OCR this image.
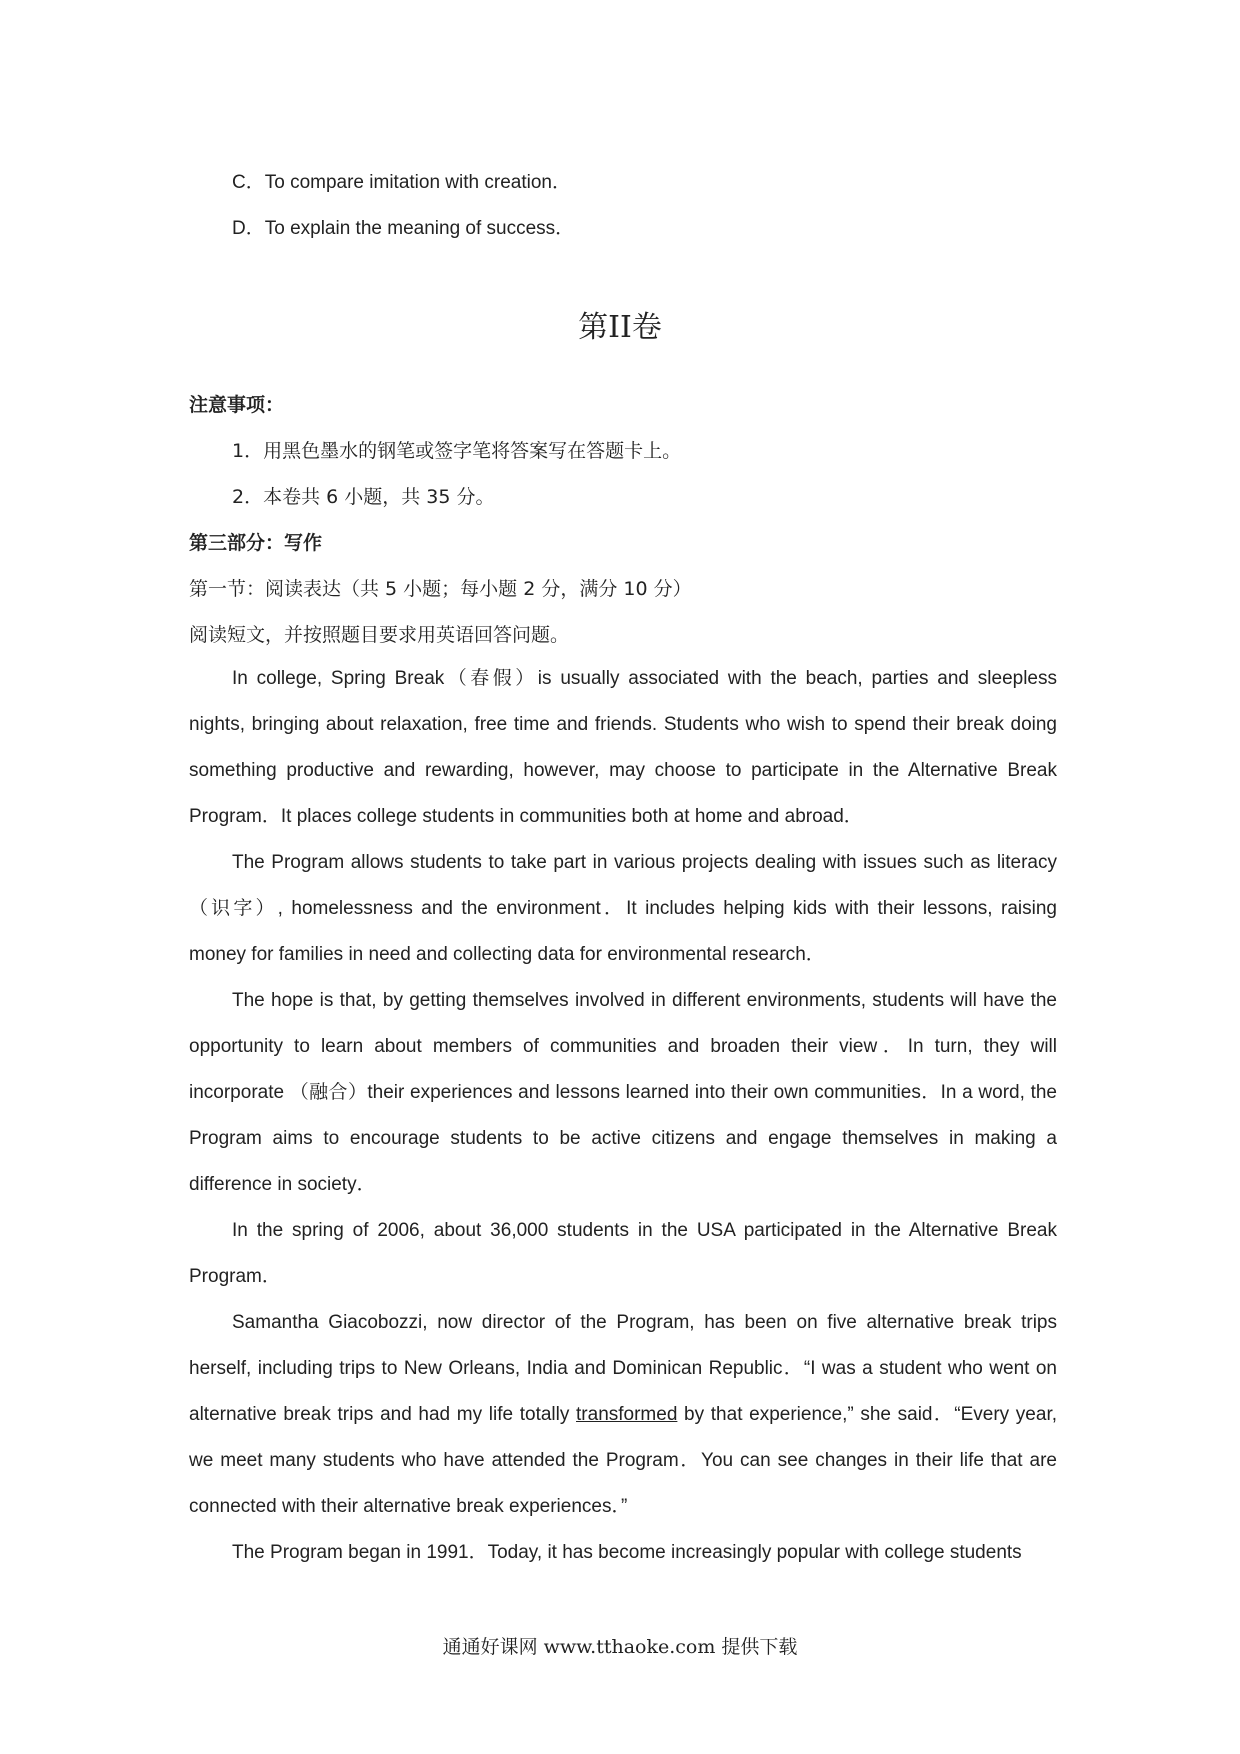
C．To compare imitation with creation．
D．To explain the meaning of success．
第II卷
注意事项：
1．用黑色墨水的钢笔或签字笔将答案写在答题卡上。
2．本卷共 6 小题，共 35 分。
第三部分：写作
第一节：阅读表达（共 5 小题；每小题 2 分，满分 10 分）
阅读短文，并按照题目要求用英语回答问题。
In college, Spring Break（春假）is usually associated with the beach, parties and sleepless nights, bringing about relaxation, free time and friends. Students who wish to spend their break doing something productive and rewarding, however, may choose to participate in the Alternative Break Program．It places college students in communities both at home and abroad．
The Program allows students to take part in various projects dealing with issues such as literacy （识字）, homelessness and the environment．It includes helping kids with their lessons, raising money for families in need and collecting data for environmental research．
The hope is that, by getting themselves involved in different environments, students will have the opportunity to learn about members of communities and broaden their view．In turn, they will incorporate （融合）their experiences and lessons learned into their own communities．In a word, the Program aims to encourage students to be active citizens and engage themselves in making a difference in society．
In the spring of 2006, about 36,000 students in the USA participated in the Alternative Break Program．
Samantha Giacobozzi, now director of the Program, has been on five alternative break trips herself, including trips to New Orleans, India and Dominican Republic．“I was a student who went on alternative break trips and had my life totally transformed by that experience,” she said．“Every year, we meet many students who have attended the Program．You can see changes in their life that are connected with their alternative break experiences．”
The Program began in 1991．Today, it has become increasingly popular with college students
通通好课网 www.tthaoke.com 提供下载
